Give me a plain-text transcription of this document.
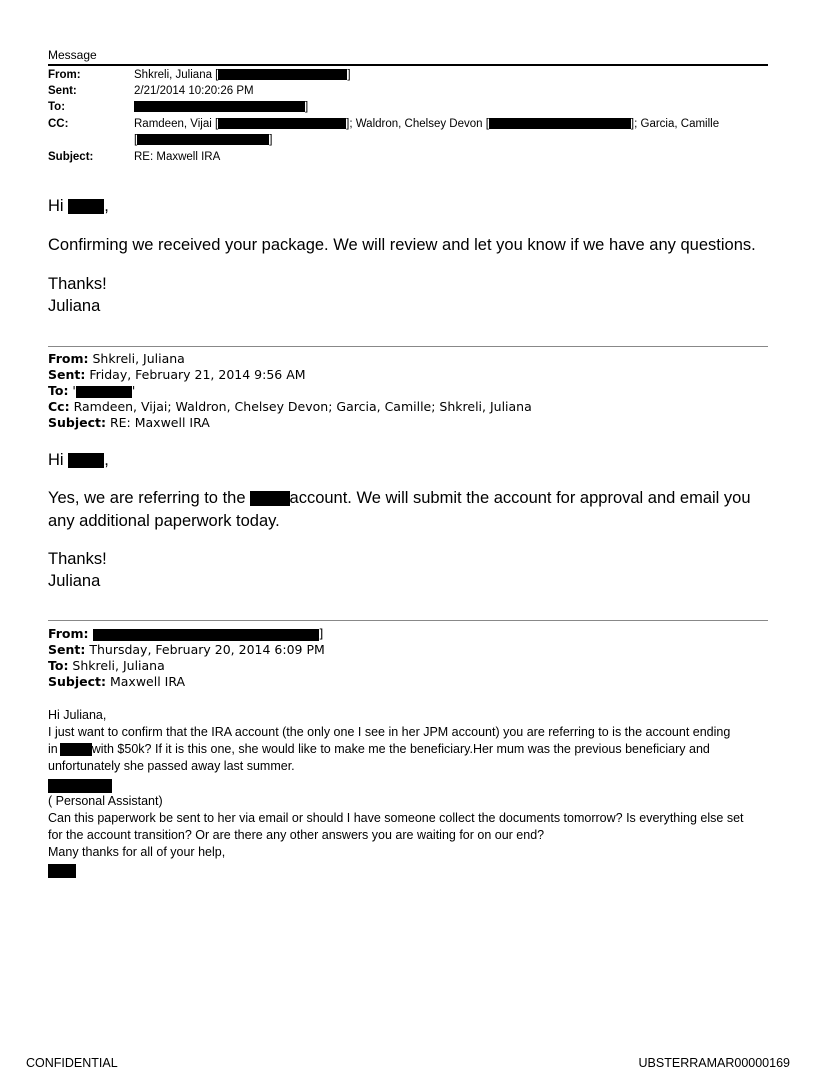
Message
From:	Shkreli, Juliana [	]
Sent:	2/21/2014 10:20:26 PM
To:	]
CC:	Ramdeen, Vijai [	]; Waldron, Chelsey Devon [	]; Garcia, Camille
[	]
Subject:	RE: Maxwell IRA
Hi ,
Confirming we received your package. We will review and let you know if we have any questions.
Thanks!
Juliana
From: Shkreli, Juliana
Sent: Friday, February 21, 2014 9:56 AM
To: '	'
Cc: Ramdeen, Vijai; Waldron, Chelsey Devon; Garcia, Camille; Shkreli, Juliana
Subject: RE: Maxwell IRA
Hi ,
Yes, we are referring to the	account. We will submit the account for approval and email you
any additional paperwork today.
Thanks!
Juliana
From:	]
Sent: Thursday, February 20, 2014 6:09 PM
To: Shkreli, Juliana
Subject: Maxwell IRA
Hi Juliana,
I just want to confirm that the IRA account (the only one I see in her JPM account) you are referring to is the account ending
in	with $50k? If it is this one, she would like to make me the beneficiary.Her mum was the previous beneficiary and
unfortunately she passed away last summer.
( Personal Assistant)
Can this paperwork be sent to her via email or should I have someone collect the documents tomorrow? Is everything else set
for the account transition? Or are there any other answers you are waiting for on our end?
Many thanks for all of your help,
CONFIDENTIAL	UBSTERRAMAR00000169
